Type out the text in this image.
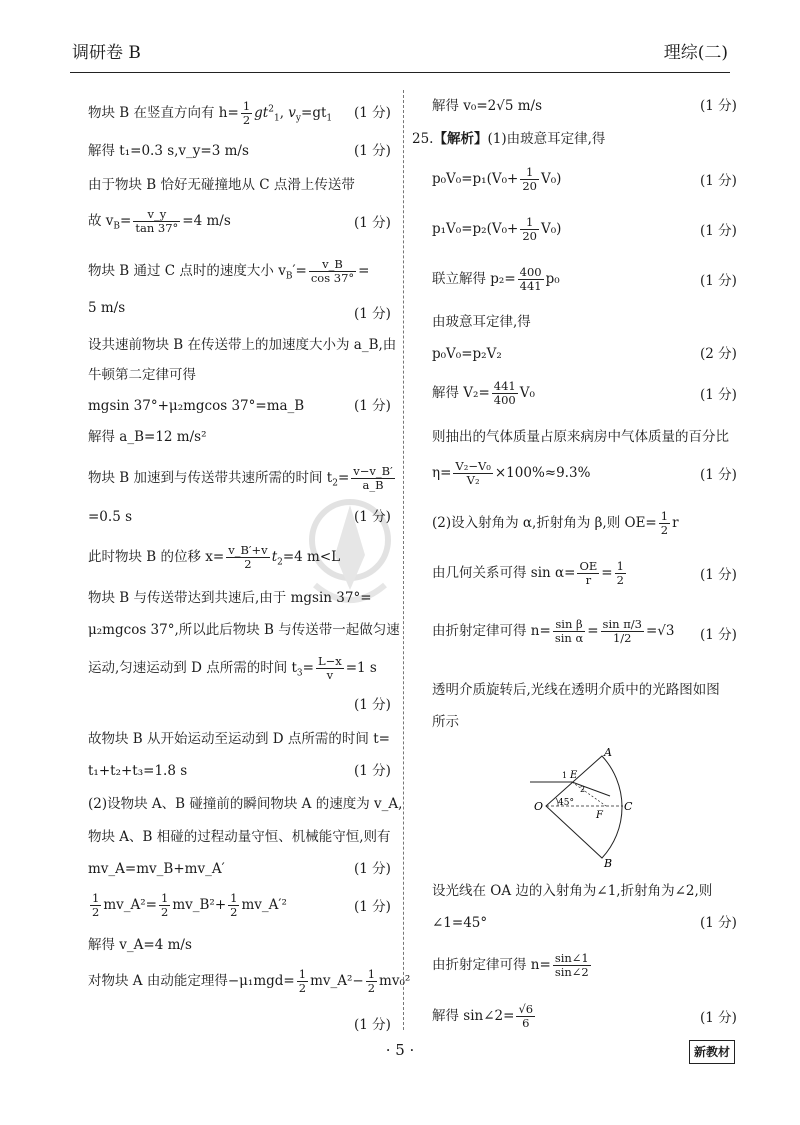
调研卷 B	理综(二)
物块 B 在竖直方向有 $h= \frac{1}{2} gt^2_1$, $v_y=gt_1$ (1 分)
解得 t₁=0.3 s,v_y=3 m/s	(1 分)
由于物块 B 恰好无碰撞地从 C 点滑上传送带
故 $v_B= \frac{v\_y}{\tan 37^\circ} =4$ m/s	(1 分)
物块 B 通过 C 点时的速度大小 $v_B'= \frac{v\_B}{\cos 37^\circ}$ =
5 m/s	(1 分)
设共速前物块 B 在传送带上的加速度大小为 a_B,由
牛顿第二定律可得
mgsin 37°+μ₂mgcos 37°=ma_B	(1 分)
解得 a_B=12 m/s²
物块 B 加速到与传送带共速所需的时间 $t_2= \frac{v-v\_B'}{a\_B}$
=0.5 s	(1 分)
此时物块 B 的位移 $x= \frac{v\_B'+v}{2} t_2=4$ m<L
物块 B 与传送带达到共速后,由于 mgsin 37°=
μ₂mgcos 37°,所以此后物块 B 与传送带一起做匀速
运动,匀速运动到 D 点所需的时间 $t_3= \frac{L-x}{v} =1$ s
(1 分)
故物块 B 从开始运动至运动到 D 点所需的时间 t=
t₁+t₂+t₃=1.8 s	(1 分)
(2)设物块 A、B 碰撞前的瞬间物块 A 的速度为 v_A,
物块 A、B 相碰的过程动量守恒、机械能守恒,则有
mv_A=mv_B+mv_A′	(1 分)
$\frac{1}{2}$ mv_A²= $\frac{1}{2}$ mv_B²+ $\frac{1}{2}$ mv_A′²	(1 分)
解得 v_A=4 m/s
对物块 A 由动能定理得$-\mu_1mgd= \frac{1}{2}$ mv_A²− $\frac{1}{2} mv_0^2$
(1 分)
解得 v₀=2√5 m/s	(1 分)
25.【解析】(1)由玻意耳定律,得
$p_0V_0=p_1(V_0+ \frac{1}{20} V_0)$	(1 分)
$p_1V_0=p_2(V_0+ \frac{1}{20} V_0)$	(1 分)
联立解得 $p_2= \frac{400}{441} p_0$	(1 分)
由玻意耳定律,得
p₀V₀=p₂V₂	(2 分)
解得 $V_2= \frac{441}{400} V_0$	(1 分)
则抽出的气体质量占原来病房中气体质量的百分比
$\eta= \frac{\text{V₂−V₀}}{\text{V₂}} \times 100\%\approx 9.3\%$	(1 分)
(2)设入射角为 α,折射角为 β,则 $OE= \frac{1}{2}$ r
由几何关系可得 $\sin \alpha= \frac{OE}{r} = \frac{1}{2}$	(1 分)
由折射定律可得 $n= \frac{\text{sin β}}{\text{sin α}} = \frac{\text{sin π/3}}{1/2} =√3$ (1 分)
透明介质旋转后,光线在透明介质中的光路图如图
所示
A
B
C
O
E
F
1
2
45°
设光线在 OA 边的入射角为∠1,折射角为∠2,则
∠1=45°	(1 分)
由折射定律可得 $n= \frac{\sin\angle 1}{\sin\angle 2}$
解得 sin∠2= $\frac{√6}{6}$	(1 分)
· 5 ·	新教材
